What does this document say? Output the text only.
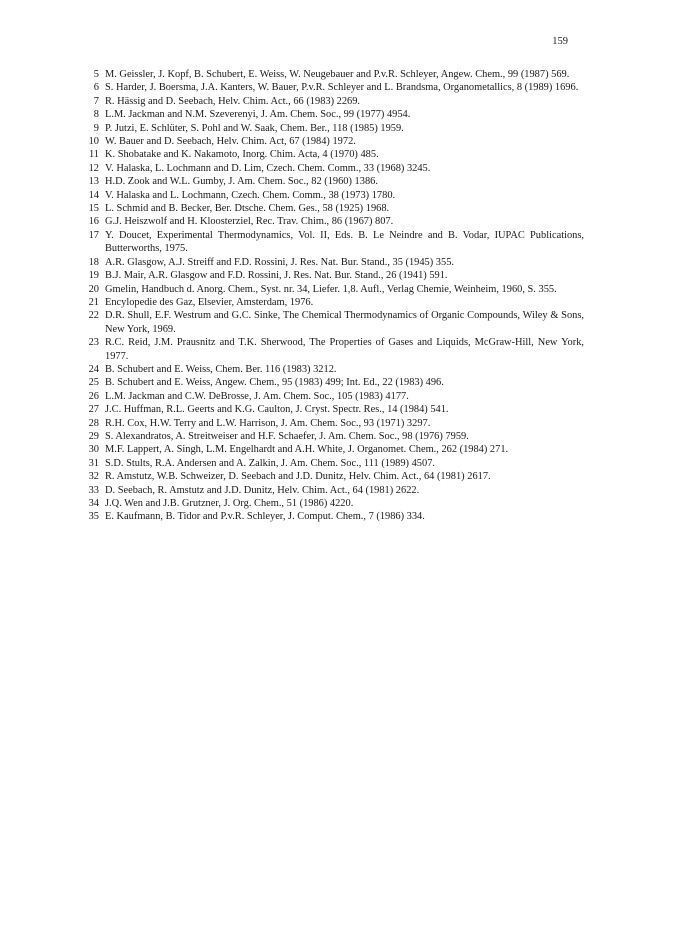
159
5 M. Geissler, J. Kopf, B. Schubert, E. Weiss, W. Neugebauer and P.v.R. Schleyer, Angew. Chem., 99 (1987) 569.
6 S. Harder, J. Boersma, J.A. Kanters, W. Bauer, P.v.R. Schleyer and L. Brandsma, Organometallics, 8 (1989) 1696.
7 R. Hässig and D. Seebach, Helv. Chim. Act., 66 (1983) 2269.
8 L.M. Jackman and N.M. Szeverenyi, J. Am. Chem. Soc., 99 (1977) 4954.
9 P. Jutzi, E. Schlüter, S. Pohl and W. Saak, Chem. Ber., 118 (1985) 1959.
10 W. Bauer and D. Seebach, Helv. Chim. Act, 67 (1984) 1972.
11 K. Shobatake and K. Nakamoto, Inorg. Chim. Acta, 4 (1970) 485.
12 V. Halaska, L. Lochmann and D. Lim, Czech. Chem. Comm., 33 (1968) 3245.
13 H.D. Zook and W.L. Gumby, J. Am. Chem. Soc., 82 (1960) 1386.
14 V. Halaska and L. Lochmann, Czech. Chem. Comm., 38 (1973) 1780.
15 L. Schmid and B. Becker, Ber. Dtsche. Chem. Ges., 58 (1925) 1968.
16 G.J. Heiszwolf and H. Kloosterziel, Rec. Trav. Chim., 86 (1967) 807.
17 Y. Doucet, Experimental Thermodynamics, Vol. II, Eds. B. Le Neindre and B. Vodar, IUPAC Publications, Butterworths, 1975.
18 A.R. Glasgow, A.J. Streiff and F.D. Rossini, J. Res. Nat. Bur. Stand., 35 (1945) 355.
19 B.J. Mair, A.R. Glasgow and F.D. Rossini, J. Res. Nat. Bur. Stand., 26 (1941) 591.
20 Gmelin, Handbuch d. Anorg. Chem., Syst. nr. 34, Liefer. 1,8. Aufl., Verlag Chemie, Weinheim, 1960, S. 355.
21 Encylopedie des Gaz, Elsevier, Amsterdam, 1976.
22 D.R. Shull, E.F. Westrum and G.C. Sinke, The Chemical Thermodynamics of Organic Compounds, Wiley & Sons, New York, 1969.
23 R.C. Reid, J.M. Prausnitz and T.K. Sherwood, The Properties of Gases and Liquids, McGraw-Hill, New York, 1977.
24 B. Schubert and E. Weiss, Chem. Ber. 116 (1983) 3212.
25 B. Schubert and E. Weiss, Angew. Chem., 95 (1983) 499; Int. Ed., 22 (1983) 496.
26 L.M. Jackman and C.W. DeBrosse, J. Am. Chem. Soc., 105 (1983) 4177.
27 J.C. Huffman, R.L. Geerts and K.G. Caulton, J. Cryst. Spectr. Res., 14 (1984) 541.
28 R.H. Cox, H.W. Terry and L.W. Harrison, J. Am. Chem. Soc., 93 (1971) 3297.
29 S. Alexandratos, A. Streitweiser and H.F. Schaefer, J. Am. Chem. Soc., 98 (1976) 7959.
30 M.F. Lappert, A. Singh, L.M. Engelhardt and A.H. White, J. Organomet. Chem., 262 (1984) 271.
31 S.D. Stults, R.A. Andersen and A. Zalkin, J. Am. Chem. Soc., 111 (1989) 4507.
32 R. Amstutz, W.B. Schweizer, D. Seebach and J.D. Dunitz, Helv. Chim. Act., 64 (1981) 2617.
33 D. Seebach, R. Amstutz and J.D. Dunitz, Helv. Chim. Act., 64 (1981) 2622.
34 J.Q. Wen and J.B. Grutzner, J. Org. Chem., 51 (1986) 4220.
35 E. Kaufmann, B. Tidor and P.v.R. Schleyer, J. Comput. Chem., 7 (1986) 334.
